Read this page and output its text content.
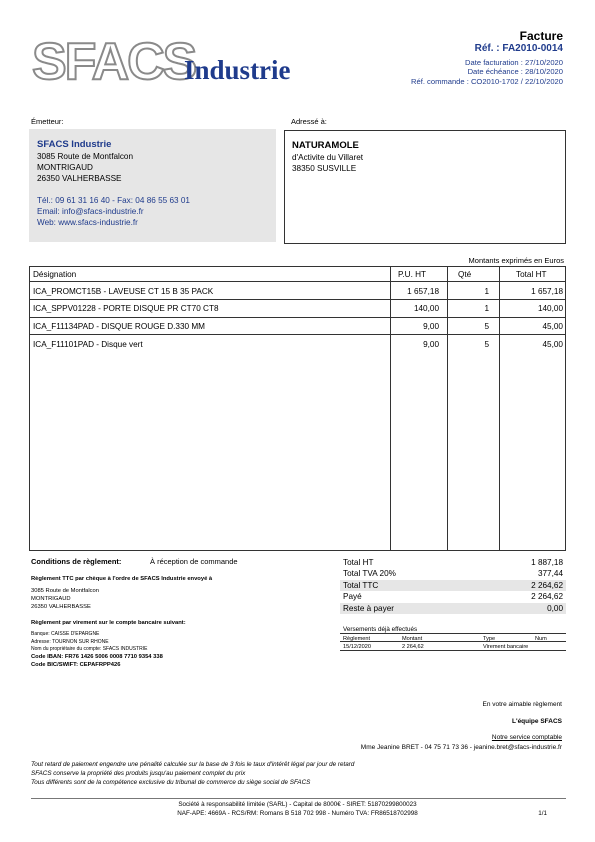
SFACS
Industrie
Facture
Réf. : FA2010-0014
Date facturation : 27/10/2020
Date échéance : 28/10/2020
Réf. commande : CO2010-1702 / 22/10/2020
Émetteur:
SFACS Industrie
3085 Route de Montfalcon
MONTRIGAUD
26350 VALHERBASSE
Tél.: 09 61 31 16 40 - Fax: 04 86 55 63 01
Email: info@sfacs-industrie.fr
Web: www.sfacs-industrie.fr
Adressé à:
NATURAMOLE
d'Activite du Villaret
38350 SUSVILLE
Montants exprimés en Euros
Désignation	P.U. HT	Qté	Total HT
ICA_PROMCT15B - LAVEUSE CT 15 B 35 PACK	1 657,18	1	1 657,18
ICA_SPPV01228 - PORTE DISQUE PR CT70 CT8	140,00	1	140,00
ICA_F11134PAD - DISQUE ROUGE D.330 MM	9,00	5	45,00
ICA_F11101PAD - Disque vert	9,00	5	45,00
Conditions de règlement:	À réception de commande
Règlement TTC par chèque à l'ordre de SFACS Industrie envoyé à
3085 Route de Montfalcon
MONTRIGAUD
26350 VALHERBASSE
Règlement par virement sur le compte bancaire suivant:
Banque: CAISSE D'EPARGNE
Adresse: TOURNON SUR RHONE
Nom du propriétaire du compte: SFACS INDUSTRIE
Code IBAN: FR76 1426 5006 0008 7710 9354 338
Code BIC/SWIFT: CEPAFRPP426
Total HT	1 887,18
Total TVA 20%	377,44
Total TTC	2 264,62
Payé	2 264,62
Reste à payer	0,00
Versements déjà effectués
Règlement	Montant	Type	Num
15/12/2020	2 264,62	Virement bancaire
En votre aimable règlement
L'équipe SFACS
Notre service comptable
Mme Jeanine BRET - 04 75 71 73 36 - jeanine.bret@sfacs-industrie.fr
Tout retard de paiement engendre une pénalité calculée sur la base de 3 fois le taux d'intérêt légal par jour de retard
SFACS conserve la propriété des produits jusqu'au paiement complet du prix
Tous différents sont de la compétence exclusive du tribunal de commerce du siège social de SFACS
Société à responsabilité limitée (SARL) - Capital de 8000€ - SIRET: 51870299800023
NAF-APE: 4669A - RCS/RM: Romans B 518 702 998 - Numéro TVA: FR86518702998	1/1
